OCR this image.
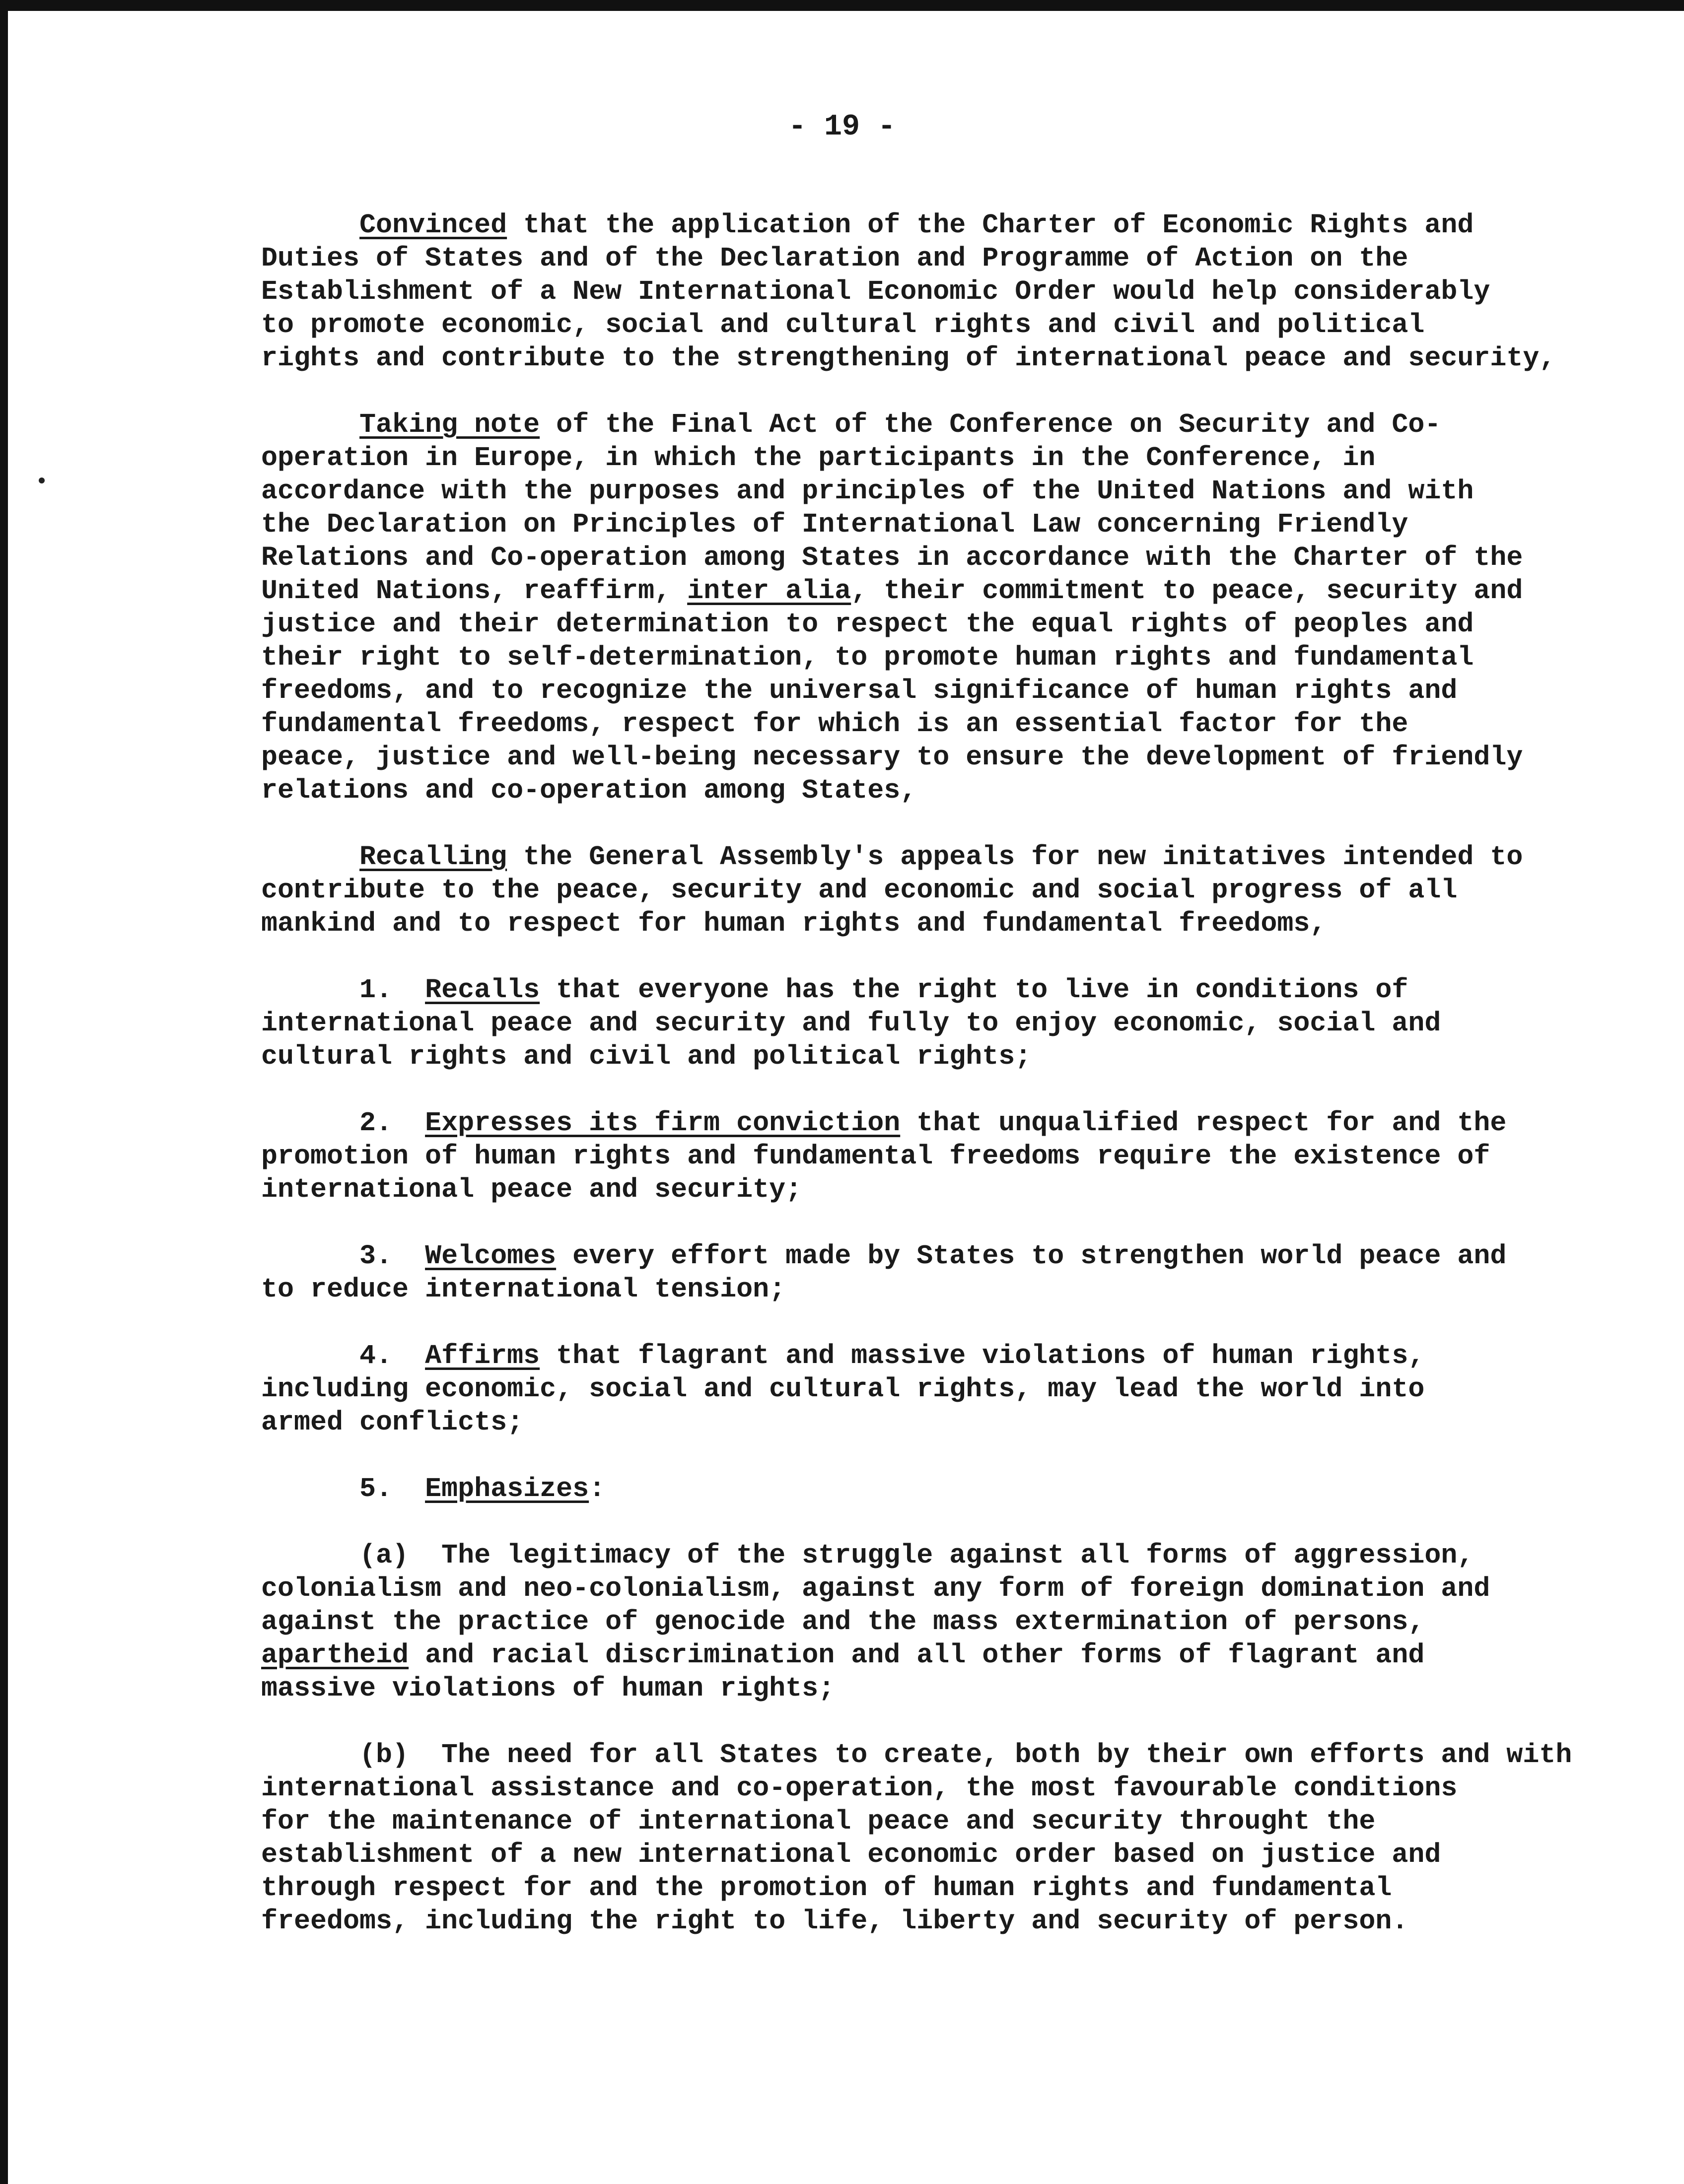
- 19 -
Convinced that the application of the Charter of Economic Rights and
Duties of States and of the Declaration and Programme of Action on the
Establishment of a New International Economic Order would help considerably
to promote economic, social and cultural rights and civil and political
rights and contribute to the strengthening of international peace and security,
Taking note of the Final Act of the Conference on Security and Co-
operation in Europe, in which the participants in the Conference, in
accordance with the purposes and principles of the United Nations and with
the Declaration on Principles of International Law concerning Friendly
Relations and Co-operation among States in accordance with the Charter of the
United Nations, reaffirm, inter alia, their commitment to peace, security and
justice and their determination to respect the equal rights of peoples and
their right to self-determination, to promote human rights and fundamental
freedoms, and to recognize the universal significance of human rights and
fundamental freedoms, respect for which is an essential factor for the
peace, justice and well-being necessary to ensure the development of friendly
relations and co-operation among States,
Recalling the General Assembly's appeals for new initatives intended to
contribute to the peace, security and economic and social progress of all
mankind and to respect for human rights and fundamental freedoms,
1.  Recalls that everyone has the right to live in conditions of
international peace and security and fully to enjoy economic, social and
cultural rights and civil and political rights;
2.  Expresses its firm conviction that unqualified respect for and the
promotion of human rights and fundamental freedoms require the existence of
international peace and security;
3.  Welcomes every effort made by States to strengthen world peace and
to reduce international tension;
4.  Affirms that flagrant and massive violations of human rights,
including economic, social and cultural rights, may lead the world into
armed conflicts;
5.  Emphasizes:
(a)  The legitimacy of the struggle against all forms of aggression,
colonialism and neo-colonialism, against any form of foreign domination and
against the practice of genocide and the mass extermination of persons,
apartheid and racial discrimination and all other forms of flagrant and
massive violations of human rights;
(b)  The need for all States to create, both by their own efforts and with
international assistance and co-operation, the most favourable conditions
for the maintenance of international peace and security throught the
establishment of a new international economic order based on justice and
through respect for and the promotion of human rights and fundamental
freedoms, including the right to life, liberty and security of person.
